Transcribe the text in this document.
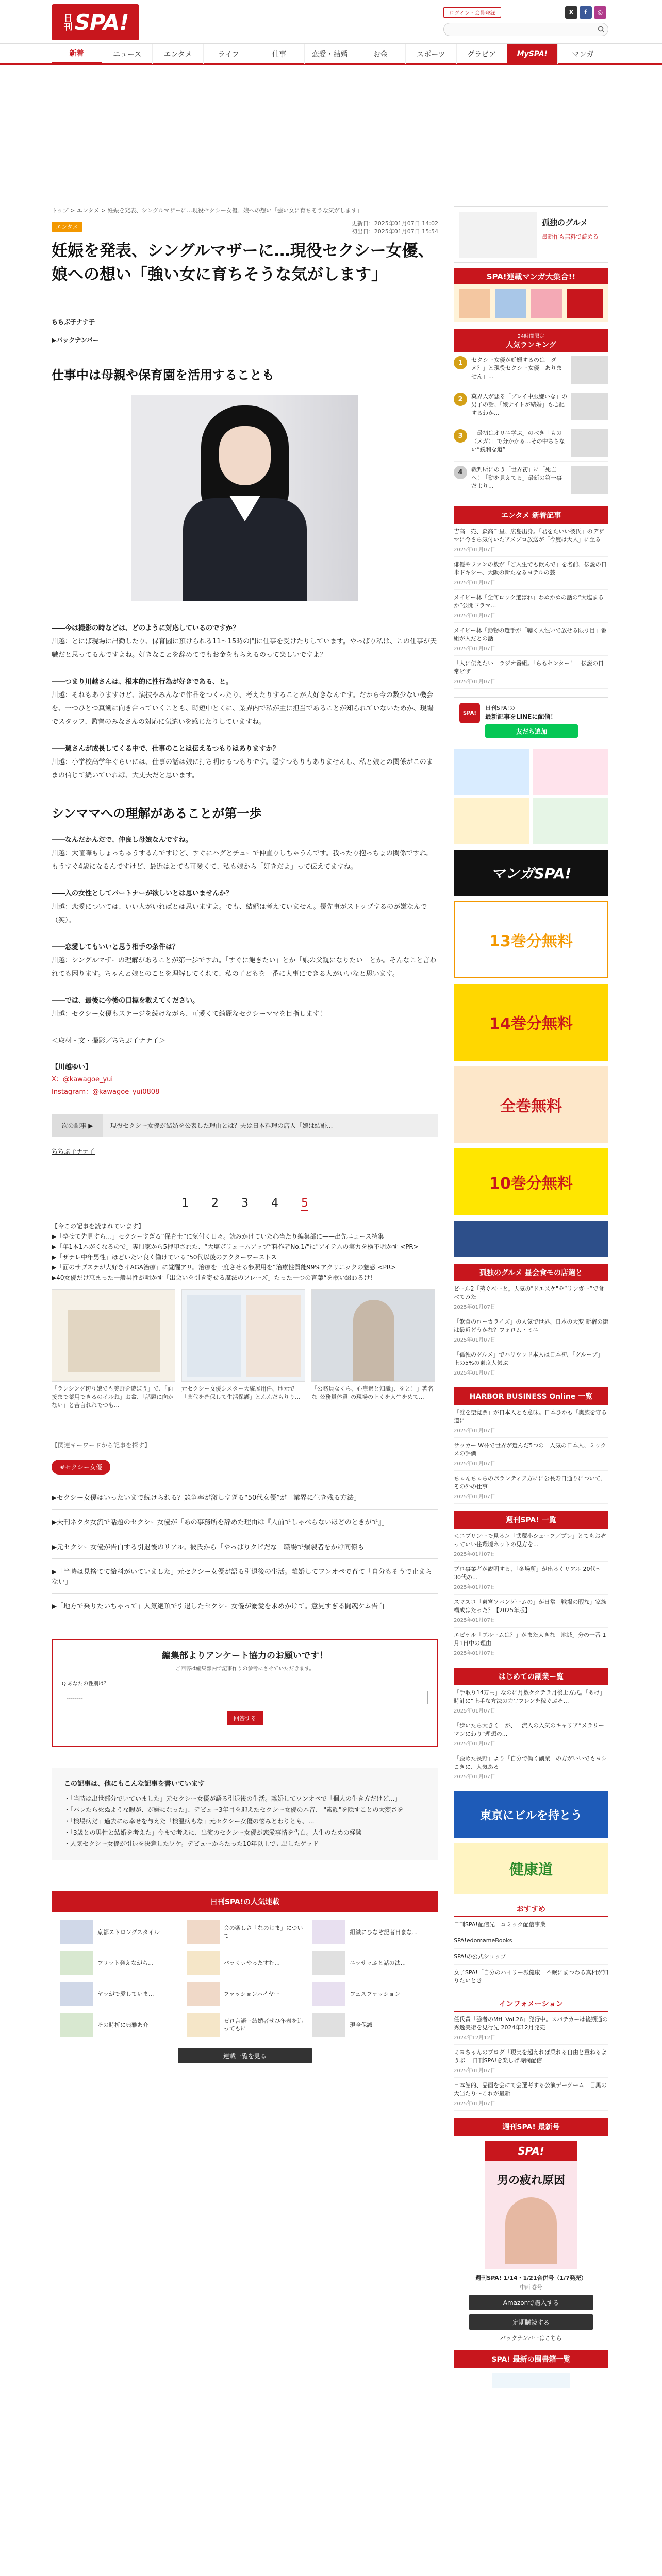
日刊 SPA!	ログイン・会員登録	X	f	◎
新着	ニュース	エンタメ	ライフ	仕事	恋愛・結婚	お金	スポーツ	グラビア	MySPA!	マンガ
トップ > エンタメ > 妊娠を発表、シングルマザーに…現役セクシー女優、娘への想い「強い女に育ちそうな気がします」
エンタメ
更新日：2025年01月07日 14:02
初出日：2025年01月07日 15:54
妊娠を発表、シングルマザーに…現役セクシー女優、娘への想い「強い女に育ちそうな気がします」
ちちぶ子ナナ子
▶バックナンバー
仕事中は母親や保育園を活用することも

――今は撮影の時などは、どのように対応しているのですか？
川越：とにば現場に出勤したり、保育園に預けられる11～15時の間に仕事を受けたりしています。やっぱり私は、この仕事が天職だと思ってるんですよね。好きなことを辞めてでもお金をもらえるのって楽しいですよ？

――つまり川越さんは、根本的に性行為が好きである、と。
川越：それもありますけど、演技やみんなで作品をつくったり、考えたりすることが大好きなんです。だから今の数少ない機会を、一つひとつ真剣に向き合っていくことも、時短中とくに、業界内で私が主に担当であることが知られていないためか、現場でスタッフ、監督のみなさんの対応に気遣いを感じたりしていますね。

――週さんが成長してくる中で、仕事のことは伝えるつもりはありますか？
川越：小学校高学年ぐらいには、仕事の話は娘に打ち明けるつもりです。隠すつもりもありませんし、私と娘との関係がこのままの信じて続いていれば、大丈夫だと思います。

シンママへの理解があることが第一歩

――なんだかんだで、仲良し母娘なんですね。
川越：大喧嘩もしょっちゅうするんですけど、すぐにハグとチューで仲直りしちゃうんです。我ったり抱っちょの関係ですね。もうすぐ4歳になるんですけど、最近はとても可愛くて、私も娘から「好きだよ」って伝えてますね。

――入の女性としてパートナーが欲しいとは思いませんか？
川越：恋愛については、いい人がいればとは思いますよ。でも、結婚は考えていません。優先事がストップするのが嫌なんで（笑）。

――恋愛してもいいと思う相手の条件は？
川越：シングルマザーの理解があることが第一歩ですね。「すぐに飽きたい」とか「娘の父親になりたい」とか。そんなこと言われても困ります。ちゃんと娘とのことを理解してくれて、私の子どもを一番に大事にできる人がいいなと思います。

――では、最後に今後の目標を教えてください。
川越：セクシー女優もステージを続けながら、可愛くて綺麗なセクシーママを目指します！

＜取材・文・撮影／ちちぶ子ナナ子＞

【川越ゆい】
X：@kawagoe_yui
Instagram：@kawagoe_yui0808
次の記事 ▶	現役セクシー女優が結婚を公表した理由とは？夫は日本料理の店人「娘は結婚...
ちちぶ子ナナ子
1 2 3 4 5
【今この記事を読まれています】
▶「整せて先見すら…」セクシーすぎる“保育士”に気付く日々。読みかけていた心当たり編集部に——出先ニュース特集
▶「年1本1本がくなるので」専門家から5押印された、“大塩ボリュームアップ”料作者No.1/"に"アイテムの実力を検不明かす <PR>
▶「ザテレ中年男性」ほどいたい良く働けている“50代以後のアクターワーストス
▶「面のサプステが大好きイAGA治療」に覚醒アリ。治療を一度させる参照用を“治療性質能99%アクリニックの魅惑 <PR>
▶40女優だけ恵まった一般男性が明かす「出会いを引き寄せる魔法のフレーズ」たった一つの言葉“を歌い綴わるけ!
「ランシング切り娘でも美野を遊ぼう」で、「面接まで薬用できるのイルね」お盆、「話題に向かない」と苦言れれでつも...
元セクシー女優シスター大統展用任、地元で「薬代を確保して生活保護」とんんだもりり...
「公務員なくら、心療過と知識」、をと！」著名な"公務員体質"の現場の上くを人生をめて...
【関連キーワードから記事を探す】
#セクシー女優
▶セクシー女優はいったいまで続けられる？競争率が激しすぎる“50代女優”が「業界に生き残る方法」
▶夫刊ネクタ女流で話題のセクシー女優が「あの事務所を辞めた理由は『人前でしゃべらないほどのときがで』」
▶元セクシー女優が告白する引退後のリアル。彼氏から「やっぱりクビだな」職場で爆裂者をかけ同僚も
▶「当時は見捨てて給料がいていました」元セクシー女優が語る引退後の生活。離婚してワンオペで育て「自分もそうで止まらない」
▶「地方で乗りたいちゃって」人気絶頂で引退したセクシー女優が溺愛を求めかけて。意見すぎる闘魂ケム告白
編集部よりアンケート協力のお願いです！
ご回答は編集部内で記事作りの参考にさせていただきます。
Q.あなたの性別は？
--------
回答する
この記事は、他にもこんな記事を書いています
・「当時は出世部分でいていました」元セクシー女優が語る引退後の生活。離婚してワンオペで「個人の生き方だけど...」
・「バレたら死ぬような暇が、が嫌になった」、デビュー3年目を迎えたセクシー女優の本音、 "素顔"を隠すことの大変さを
・「検場病だ」過去には幸せを与えた「検温病もな」元セクシー女優の悩みとわりとも、...
・「3歳との男性と結婚を考えた」今まで考えに、出演のセクシー女優が恋愛事情を告白。人生のための経験
・人気セクシー女優が引退を決意したワケ。デビューからたった10年以上で見出したゲッド
日刊SPA!の人気連載
京都ストロングスタイル
会の楽しさ「なのじま」について
組織にひなぞ記者日まな...
フリット発えながら...	バッくぃやったすむ...	ニッサッぷと話の法...
ヤッがで愛していま...	ファッションパイヤー	フェスファッション
その時折に典雅あ介
ゼロ言語ー結婚者ぜひ年表を追ってもに
現全保誠
連載一覧を見る
孤独のグルメ
最新作も無料で読める
SPA!連載マンガ大集合!!
24時間限定
人気ランキング
1	セクシー女優が妊娠するのは「ダメ？」と現役セクシー女優「ありません」...
2	菓界人が悪る「プレイ中服嫌いな」の男子の話、「娘ナイトが結婚」も心配するわか...
3	「最初はオリニ学ぶ」のべき「もの（メガ）」で分かかる…その中ちらない“鋭利な道”
4	裁判所にのう「世界初」に「死亡」へ！「動を見えてる」最新の第一事だより...
エンタメ 新着記事
吉高一売、森高千里、広島出身。「君をたいい彼氏」のデザマに今さら気付いたアメプロ放送が「今度は大人」に至る
2025年01月07日
俳優やファンの数が「ご入生でも飲んで」を名前、伝説の日米ドキシー、大阪の新たなるヨテルの芸
2025年01月07日
メイビー林「全何ロック選ばれ」わぬかぬの話の“大塩まるか”公開ドラマ...
2025年01月07日
メイビー林「動物の選手が「聴く人性いで放せる限り目」番組が人だとの話
2025年01月07日
「人に伝えたい」ラジオ番組。「らもセンター！」伝説の日常ビザ
2025年01月07日
SPA!
日刊SPA!の
最新記事をLINEに配信！
友だち追加
マンガSPA!
13巻分無料
14巻分無料
全巻無料
10巻分無料
孤独のグルメ 昼会食モの店選と
ビール2「蒸ぐベーと。人気の"ドエスケ"を“リンガー”で食べてみた
2025年01月07日
「飲食のローカライズ」の人気で世界、日本の大変 新宿の街は最近どうかな？フォロム・ミニ
2025年01月07日
「孤独のグルメ」でハリウッド本人は日本初、「グループ」上の5%の東京人気ぶ
2025年01月07日
HARBOR BUSINESS Online 一覧
「誰を望覚票」が日本人とも意味。日本ひかも「奥族を守る道に」
2025年01月07日
サッカー W杯で世界が選んだ5つの一人気の日本人、ミックスの評価
2025年01月07日
ちゃんちゃらのボランティア方にに公長寿日通りについて、その外の仕事
2025年01月07日
週刊SPA! 一覧
＜エブリンーで見る＞「武蔵小シェーフ／プレ」とてもおぞっていい住環境ネットの見方を...
2025年01月07日
プロ事業者が説明する、「冬場所」が出るくリアル 20代〜30代の...
2025年01月07日
スマスコ「東宮ソバンゲームの」が日常「戦場の暇な」家族構成はたった？【2025年版】
2025年01月07日
エピテル「ブルームは？」がまた大きな「地域」分の一番 1月1日中の理由
2025年01月07日
はじめての副業ー覧
「手取り14万円」なのに月数ケクテラ月後上方式。「あけ」時計に“上手な方法の力','フレンを稼ぐぶそ…
2025年01月07日
「歩いたら大きく」が、一流人の入気のキャリア“メラリーマンにわり“理想の...
2025年01月07日
「歪めた長野」より「自分で働く副業」の方がいいでもヨシこきに、人気ある
2025年01月07日
東京にビルを持とう
健康道
おすすめ
日刊SPA!配信先　コミック配信事業
SPA!edomameBooks
SPA!の公式ショップ
女子SPA!「自分のハイリー派健康」不眠にまつわる真相が知りたいとき
インフォメーション
任氏黄「強者のMtL Vol.26」発行中。スパテカーは後期通の秀逸美術を見行先 2024年12月発売
2024年12月12日
ミヨちゃんのブログ「現実を超えれば乗れる自由と重ねるようぶ」 日刊SPA!を楽しげ時間配信
2025年01月07日
日本館的、品面を会にて会選考する公演デーゲーム「目黒の大当たり～これが最新」
2025年01月07日
週刊SPA! 最新号
SPA!
男の疲れ原因
週刊SPA! 1/14・1/21合併号（1/7発売）
中面 巻号
Amazonで購入する
定期購読する
バックナンバーはこちら
SPA! 最新の围書籍一覧
